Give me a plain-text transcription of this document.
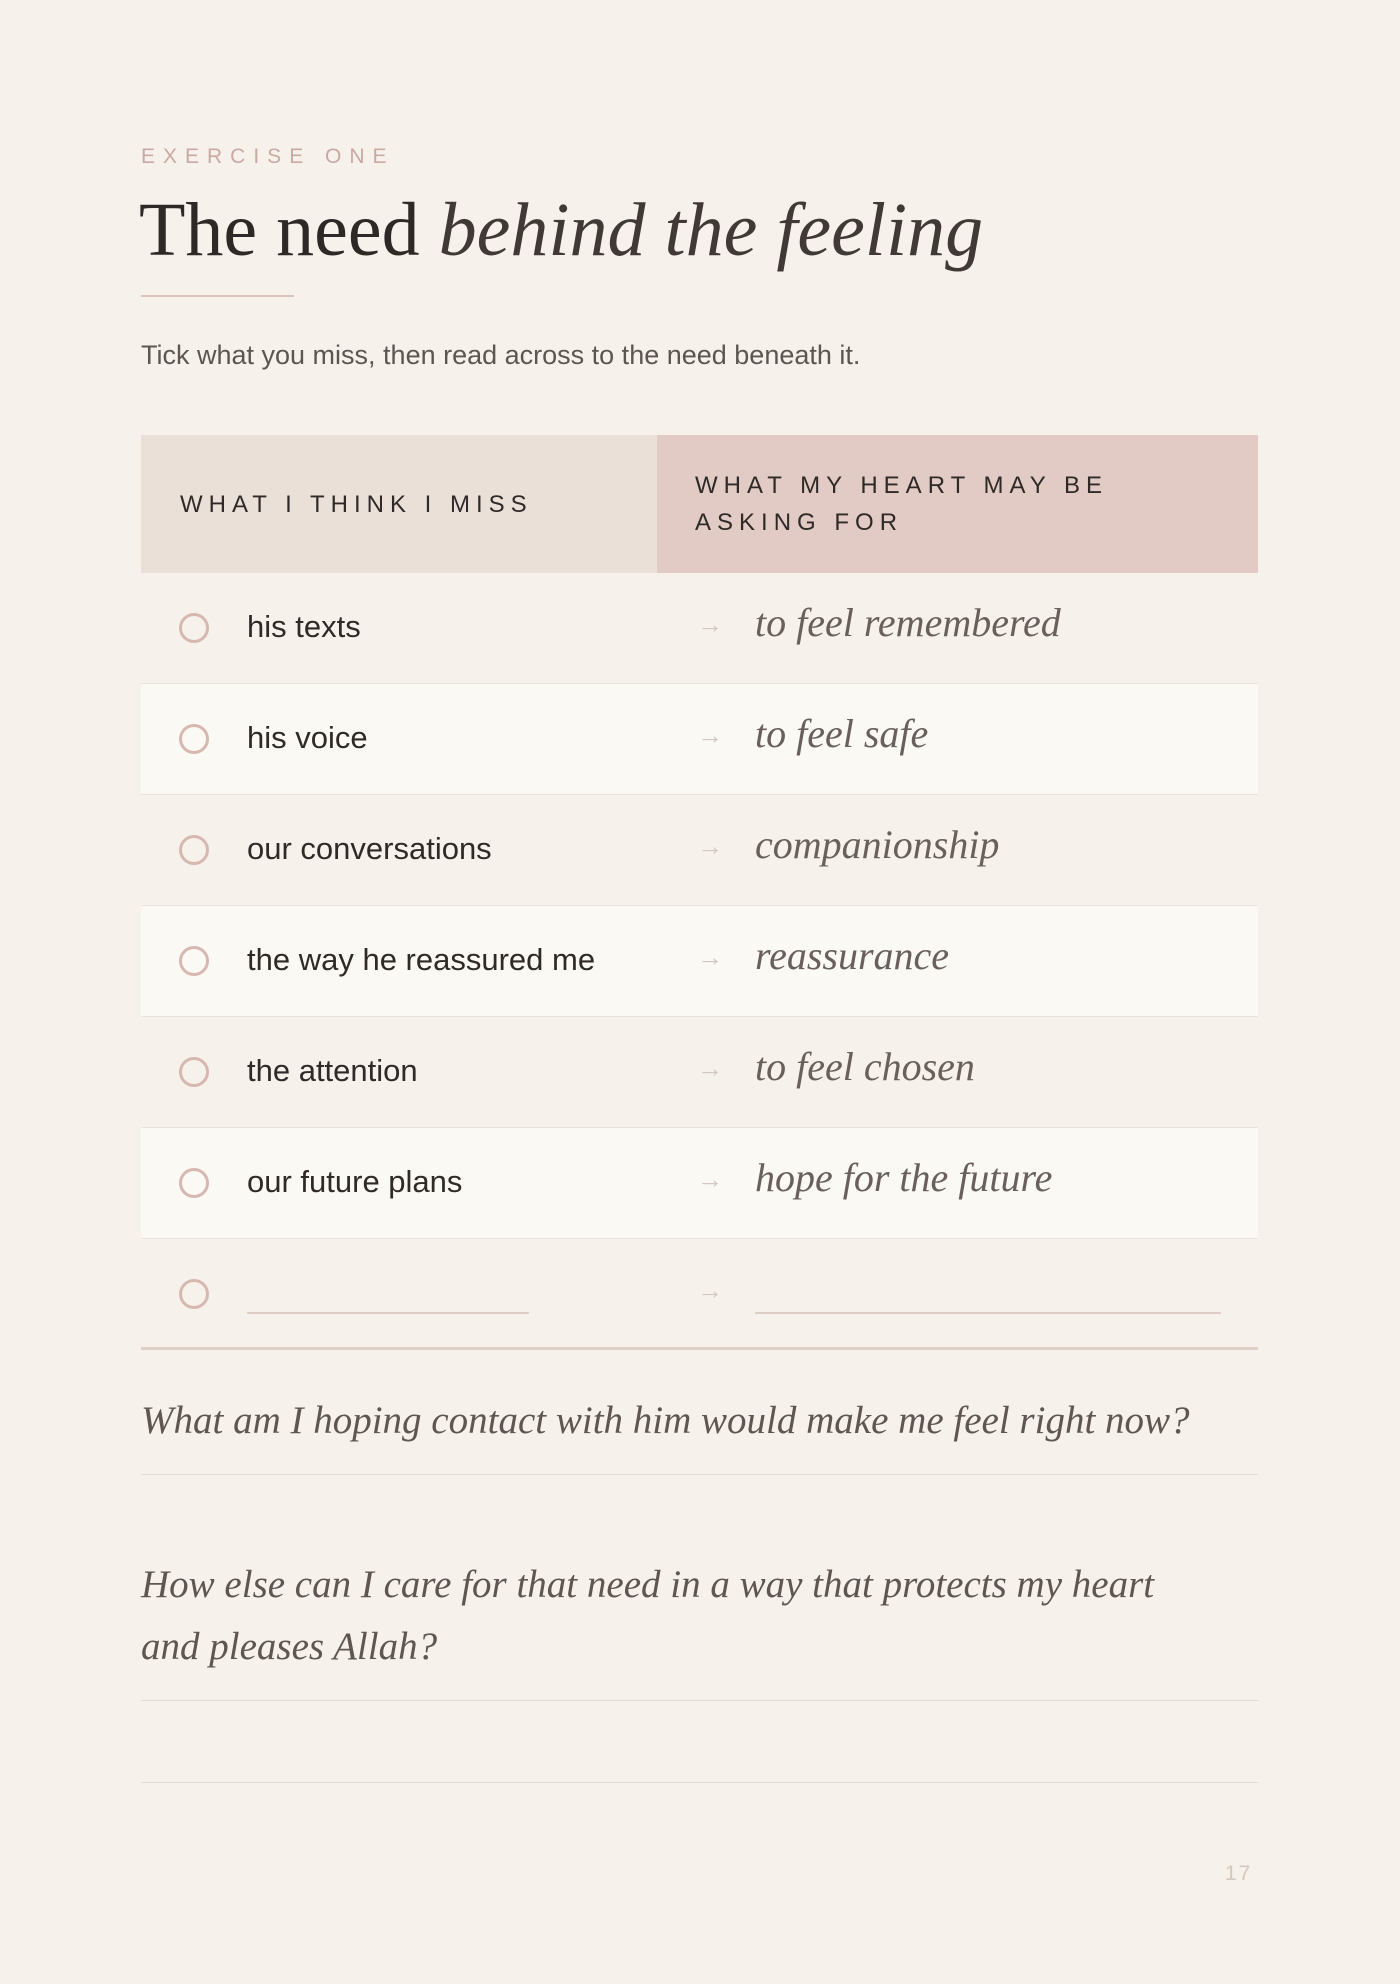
EXERCISE ONE
The need behind the feeling
Tick what you miss, then read across to the need beneath it.
WHAT I THINK I MISS
WHAT MY HEART MAY BE ASKING FOR
his texts	→ to feel remembered
his voice	→ to feel safe
our conversations	→ companionship
the way he reassured me	→ reassurance
the attention	→ to feel chosen
our future plans	→ hope for the future
→
What am I hoping contact with him would make me feel right now?
How else can I care for that need in a way that protects my heart and pleases Allah?
17
